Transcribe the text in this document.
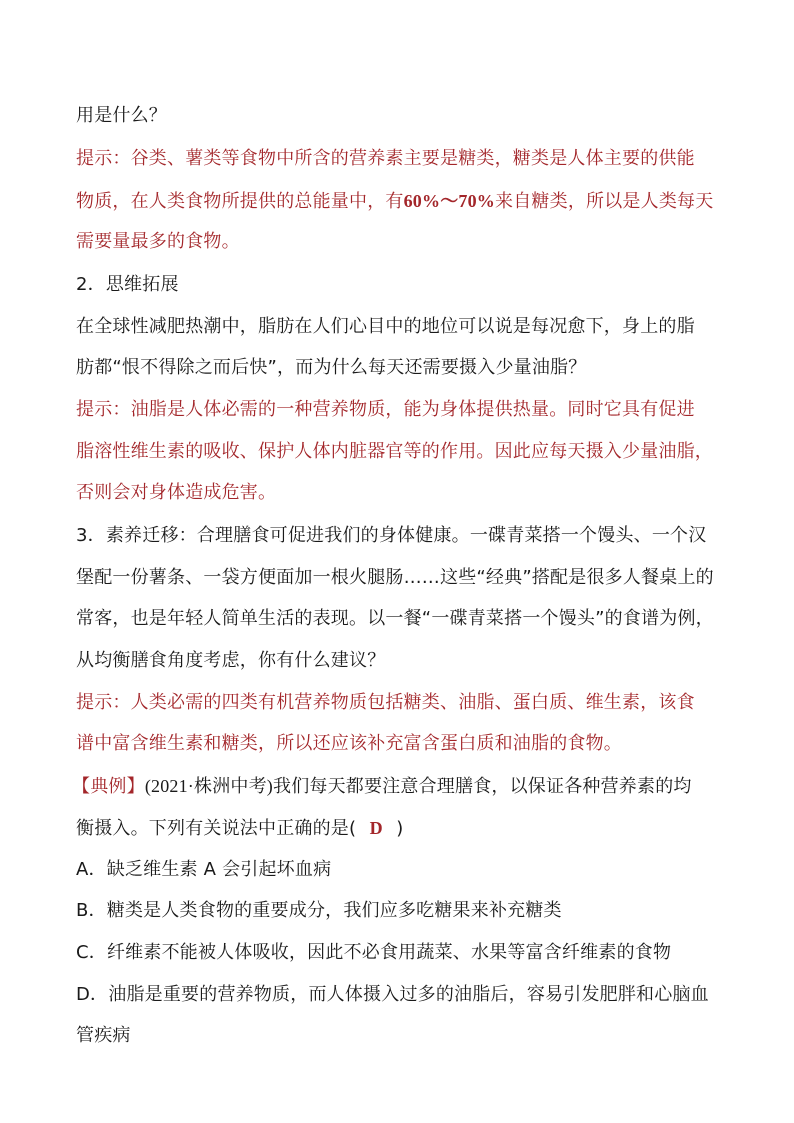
用是什么？
提示：谷类、薯类等食物中所含的营养素主要是糖类，糖类是人体主要的供能
物质，在人类食物所提供的总能量中，有60%～70%来自糖类，所以是人类每天
需要量最多的食物。
2．思维拓展
在全球性减肥热潮中，脂肪在人们心目中的地位可以说是每况愈下，身上的脂
肪都“恨不得除之而后快”，而为什么每天还需要摄入少量油脂？
提示：油脂是人体必需的一种营养物质，能为身体提供热量。同时它具有促进
脂溶性维生素的吸收、保护人体内脏器官等的作用。因此应每天摄入少量油脂，
否则会对身体造成危害。
3．素养迁移：合理膳食可促进我们的身体健康。一碟青菜搭一个馒头、一个汉
堡配一份薯条、一袋方便面加一根火腿肠……这些“经典”搭配是很多人餐桌上的
常客，也是年轻人简单生活的表现。以一餐“一碟青菜搭一个馒头”的食谱为例，
从均衡膳食角度考虑，你有什么建议？
提示：人类必需的四类有机营养物质包括糖类、油脂、蛋白质、维生素，该食
谱中富含维生素和糖类，所以还应该补充富含蛋白质和油脂的食物。
【典例】(2021·株洲中考)我们每天都要注意合理膳食，以保证各种营养素的均
衡摄入。下列有关说法中正确的是( D )
A．缺乏维生素 A 会引起坏血病
B．糖类是人类食物的重要成分，我们应多吃糖果来补充糖类
C．纤维素不能被人体吸收，因此不必食用蔬菜、水果等富含纤维素的食物
D．油脂是重要的营养物质，而人体摄入过多的油脂后，容易引发肥胖和心脑血
管疾病
